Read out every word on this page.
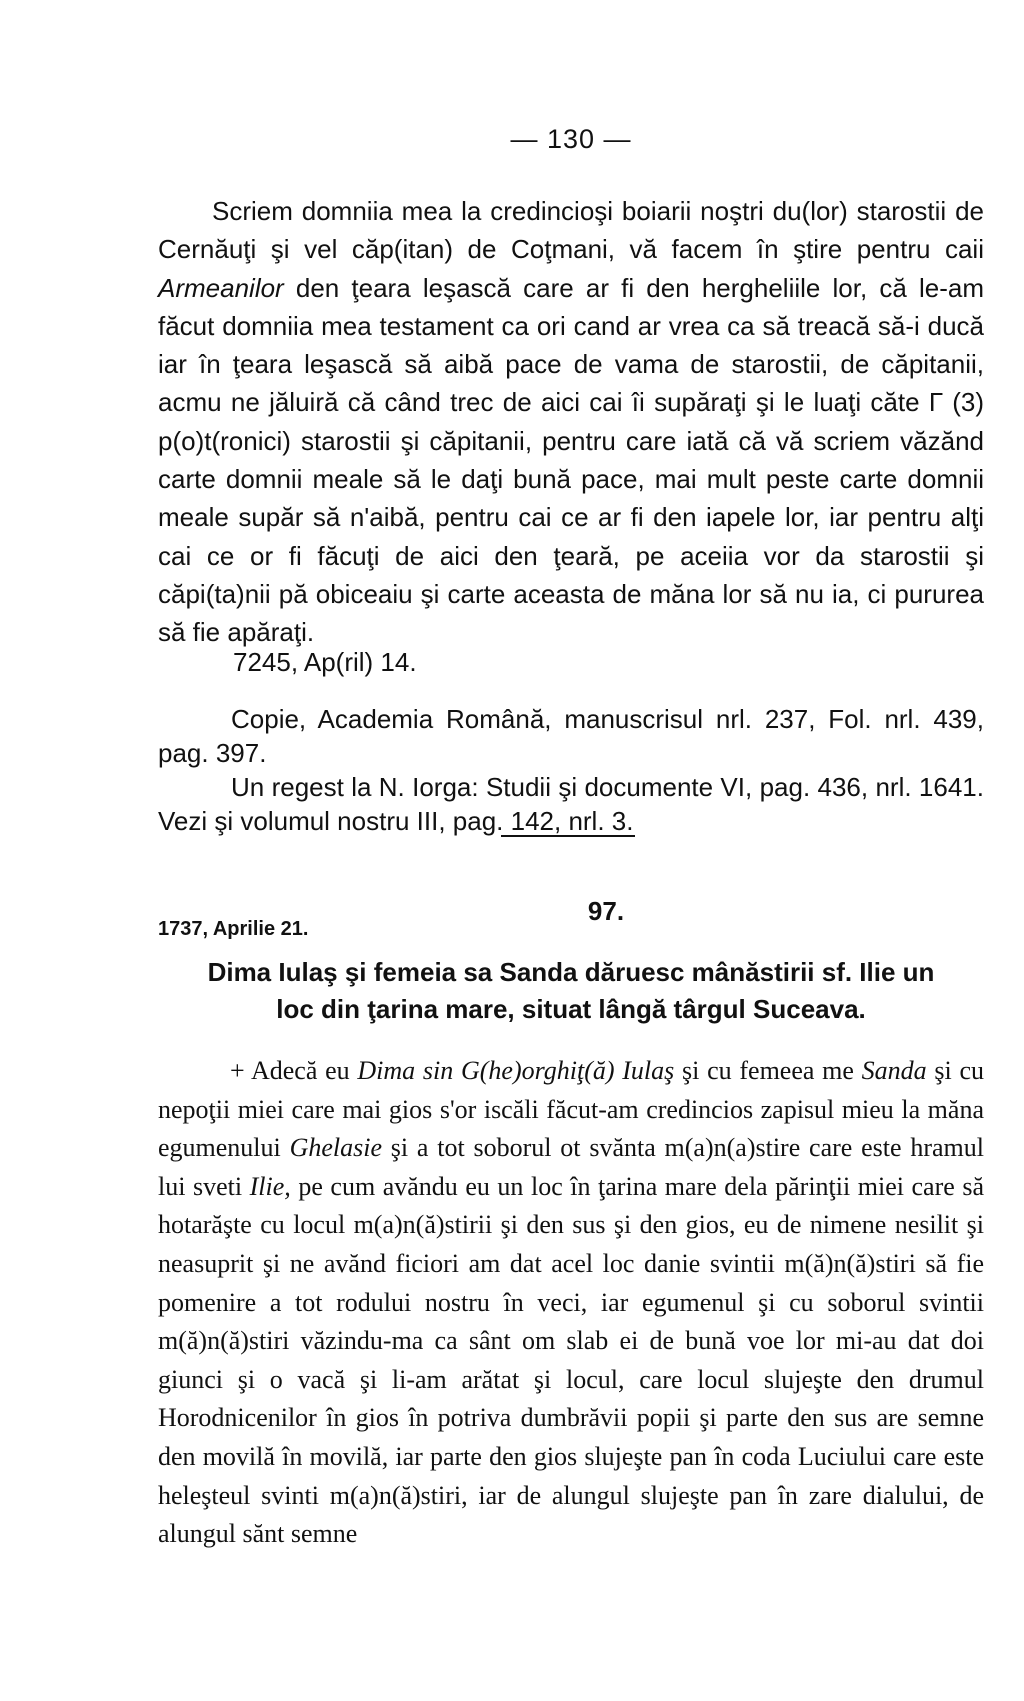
— 130 —

Scriem domniia mea la credincioşi boiarii noştri du(lor) starostii de Cernăuţi şi vel căp(itan) de Coţmani, vă facem în ştire pentru caii Armeanilor den ţeara leşască care ar fi den hergheliile lor, că le-am făcut domniia mea testament ca ori cand ar vrea ca să treacă să-i ducă iar în ţeara leşască să aibă pace de vama de starostii, de căpitanii, acmu ne jăluiră că când trec de aici cai îi supăraţi şi le luaţi căte Г (3) p(o)t(ronici) starostii şi căpitanii, pentru care iată că vă scriem văzănd carte domnii meale să le daţi bună pace, mai mult peste carte domnii meale supăr să n'aibă, pentru cai ce ar fi den iapele lor, iar pentru alţi cai ce or fi făcuţi de aici den ţeară, pe aceiia vor da starostii şi căpi(ta)nii pă obiceaiu şi carte aceasta de măna lor să nu ia, ci pururea să fie apăraţi.

7245, Ap(ril) 14.

Copie, Academia Română, manuscrisul nrl. 237, Fol. nrl. 439, pag. 397.

Un regest la N. Iorga: Studii şi documente VI, pag. 436, nrl. 1641. Vezi şi volumul nostru III, pag. 142, nrl. 3.

97.
1737, Aprilie 21.
Dima Iulaş şi femeia sa Sanda dăruesc mânăstirii sf. Ilie un
loc din ţarina mare, situat lângă târgul Suceava.

+ Adecă eu Dima sin G(he)orghiţ(ă) Iulaş şi cu femeea me Sanda şi cu nepoţii miei care mai gios s'or iscăli făcut-am credincios zapisul mieu la măna egumenului Ghelasie şi a tot soborul ot svănta m(a)n(a)stire care este hramul lui sveti Ilie, pe cum avăndu eu un loc în ţarina mare dela părinţii miei care să hotarăşte cu locul m(a)n(ă)stirii şi den sus şi den gios, eu de nimene nesilit şi neasuprit şi ne avănd ficiori am dat acel loc danie svintii m(ă)n(ă)stiri să fie pomenire a tot rodului nostru în veci, iar egumenul şi cu soborul svintii m(ă)n(ă)stiri văzindu-ma ca sânt om slab ei de bună voe lor mi-au dat doi giunci şi o vacă şi li-am arătat şi locul, care locul slujeşte den drumul Horodnicenilor în gios în potriva dumbrăvii popii şi parte den sus are semne den movilă în movilă, iar parte den gios slujeşte pan în coda Luciului care este heleşteul svinti m(a)n(ă)stiri, iar de alungul slujeşte pan în zare dialului, de alungul sănt semne
